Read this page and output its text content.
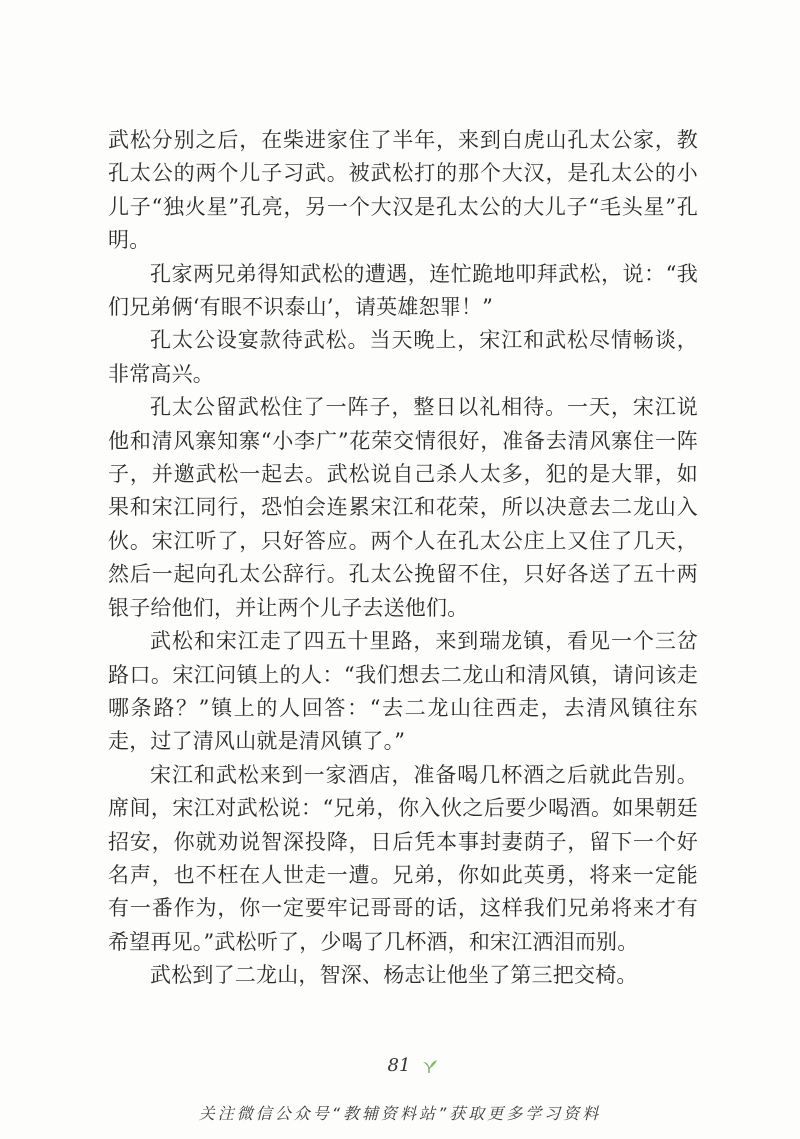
武松分别之后，在柴进家住了半年，来到白虎山孔太公家，教孔太公的两个儿子习武。被武松打的那个大汉，是孔太公的小儿子“独火星”孔亮，另一个大汉是孔太公的大儿子“毛头星”孔明。

孔家两兄弟得知武松的遭遇，连忙跪地叩拜武松，说：“我们兄弟俩‘有眼不识泰山’，请英雄恕罪！”

孔太公设宴款待武松。当天晚上，宋江和武松尽情畅谈，非常高兴。

孔太公留武松住了一阵子，整日以礼相待。一天，宋江说他和清风寨知寨“小李广”花荣交情很好，准备去清风寨住一阵子，并邀武松一起去。武松说自己杀人太多，犯的是大罪，如果和宋江同行，恐怕会连累宋江和花荣，所以决意去二龙山入伙。宋江听了，只好答应。两个人在孔太公庄上又住了几天，然后一起向孔太公辞行。孔太公挽留不住，只好各送了五十两银子给他们，并让两个儿子去送他们。

武松和宋江走了四五十里路，来到瑞龙镇，看见一个三岔路口。宋江问镇上的人：“我们想去二龙山和清风镇，请问该走哪条路？”镇上的人回答：“去二龙山往西走，去清风镇往东走，过了清风山就是清风镇了。”

宋江和武松来到一家酒店，准备喝几杯酒之后就此告别。席间，宋江对武松说：“兄弟，你入伙之后要少喝酒。如果朝廷招安，你就劝说智深投降，日后凭本事封妻荫子，留下一个好名声，也不枉在人世走一遭。兄弟，你如此英勇，将来一定能有一番作为，你一定要牢记哥哥的话，这样我们兄弟将来才有希望再见。”武松听了，少喝了几杯酒，和宋江洒泪而别。

武松到了二龙山，智深、杨志让他坐了第三把交椅。

81
关注微信公众号“教辅资料站”获取更多学习资料
